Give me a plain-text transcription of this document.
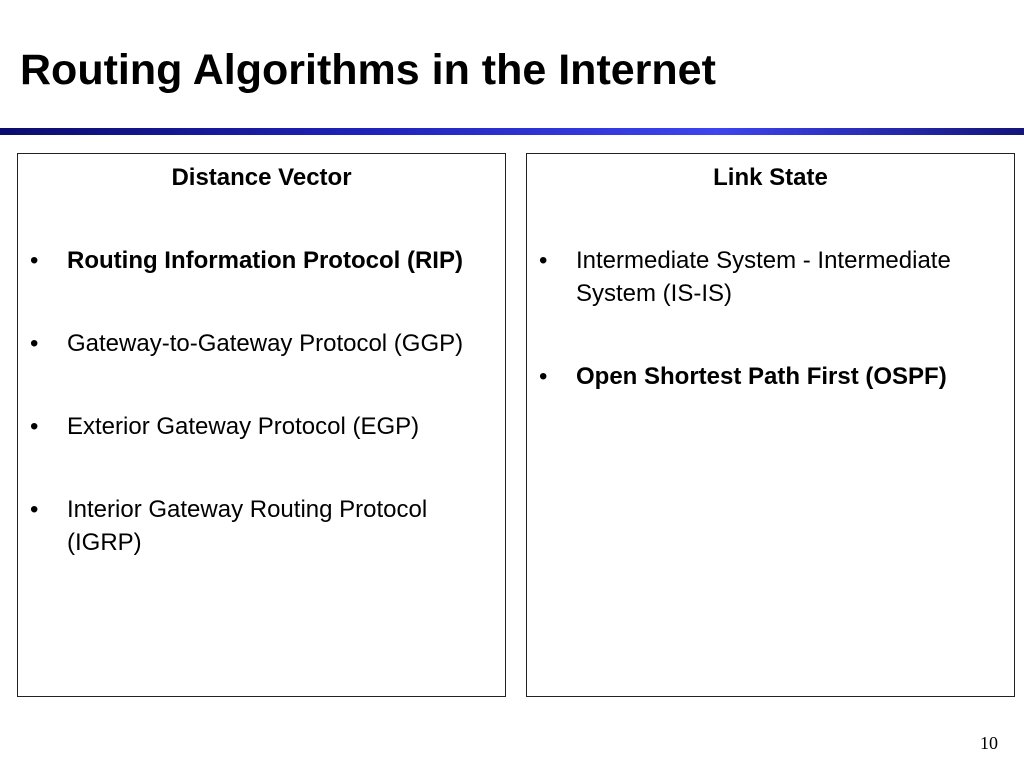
Routing Algorithms in the Internet
Distance Vector
• Routing Information Protocol (RIP)
• Gateway-to-Gateway Protocol (GGP)
• Exterior Gateway Protocol (EGP)
• Interior Gateway Routing Protocol (IGRP)
Link State
• Intermediate System - Intermediate System (IS-IS)
• Open Shortest Path First (OSPF)
10
